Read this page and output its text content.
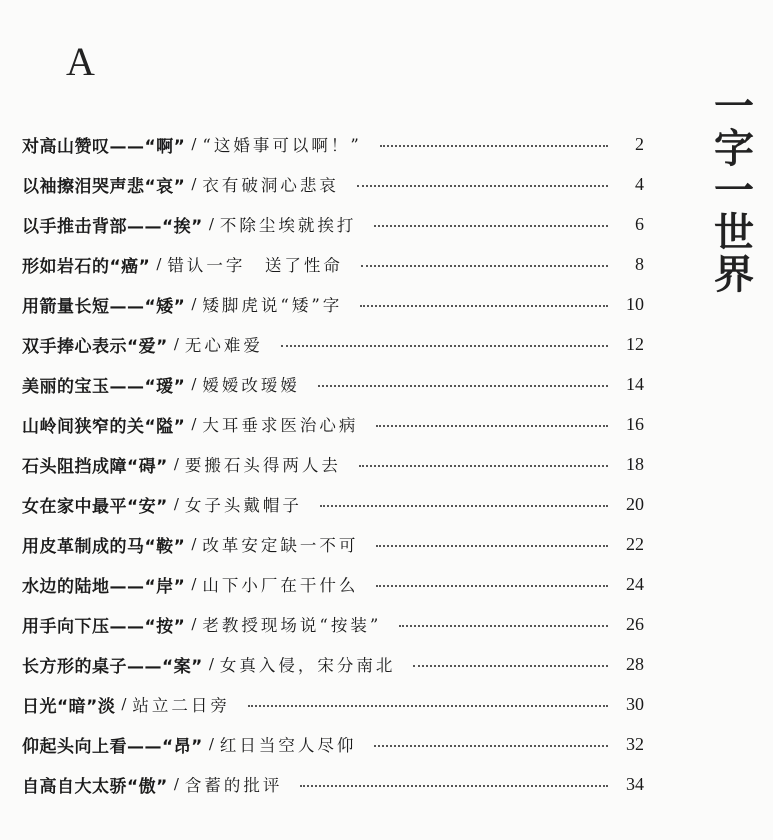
A
一
字
一
世
界
对高山赞叹——“啊” / “这婚事可以啊！”	2
以袖擦泪哭声悲“哀” / 衣有破洞心悲哀	4
以手推击背部——“挨” / 不除尘埃就挨打	6
形如岩石的“癌” / 错认一字　送了性命	8
用箭量长短——“矮” / 矮脚虎说“矮”字	10
双手捧心表示“爱” / 无心难爱	12
美丽的宝玉——“瑷” / 嫒嫒改瑷嫒	14
山岭间狭窄的关“隘” / 大耳垂求医治心病	16
石头阻挡成障“碍” / 要搬石头得两人去	18
女在家中最平“安” / 女子头戴帽子	20
用皮革制成的马“鞍” / 改革安定缺一不可	22
水边的陆地——“岸” / 山下小厂在干什么	24
用手向下压——“按” / 老教授现场说“按装”	26
长方形的桌子——“案” / 女真入侵，宋分南北	28
日光“暗”淡 / 站立二日旁	30
仰起头向上看——“昂” / 红日当空人尽仰	32
自高自大太骄“傲” / 含蓄的批评	34
